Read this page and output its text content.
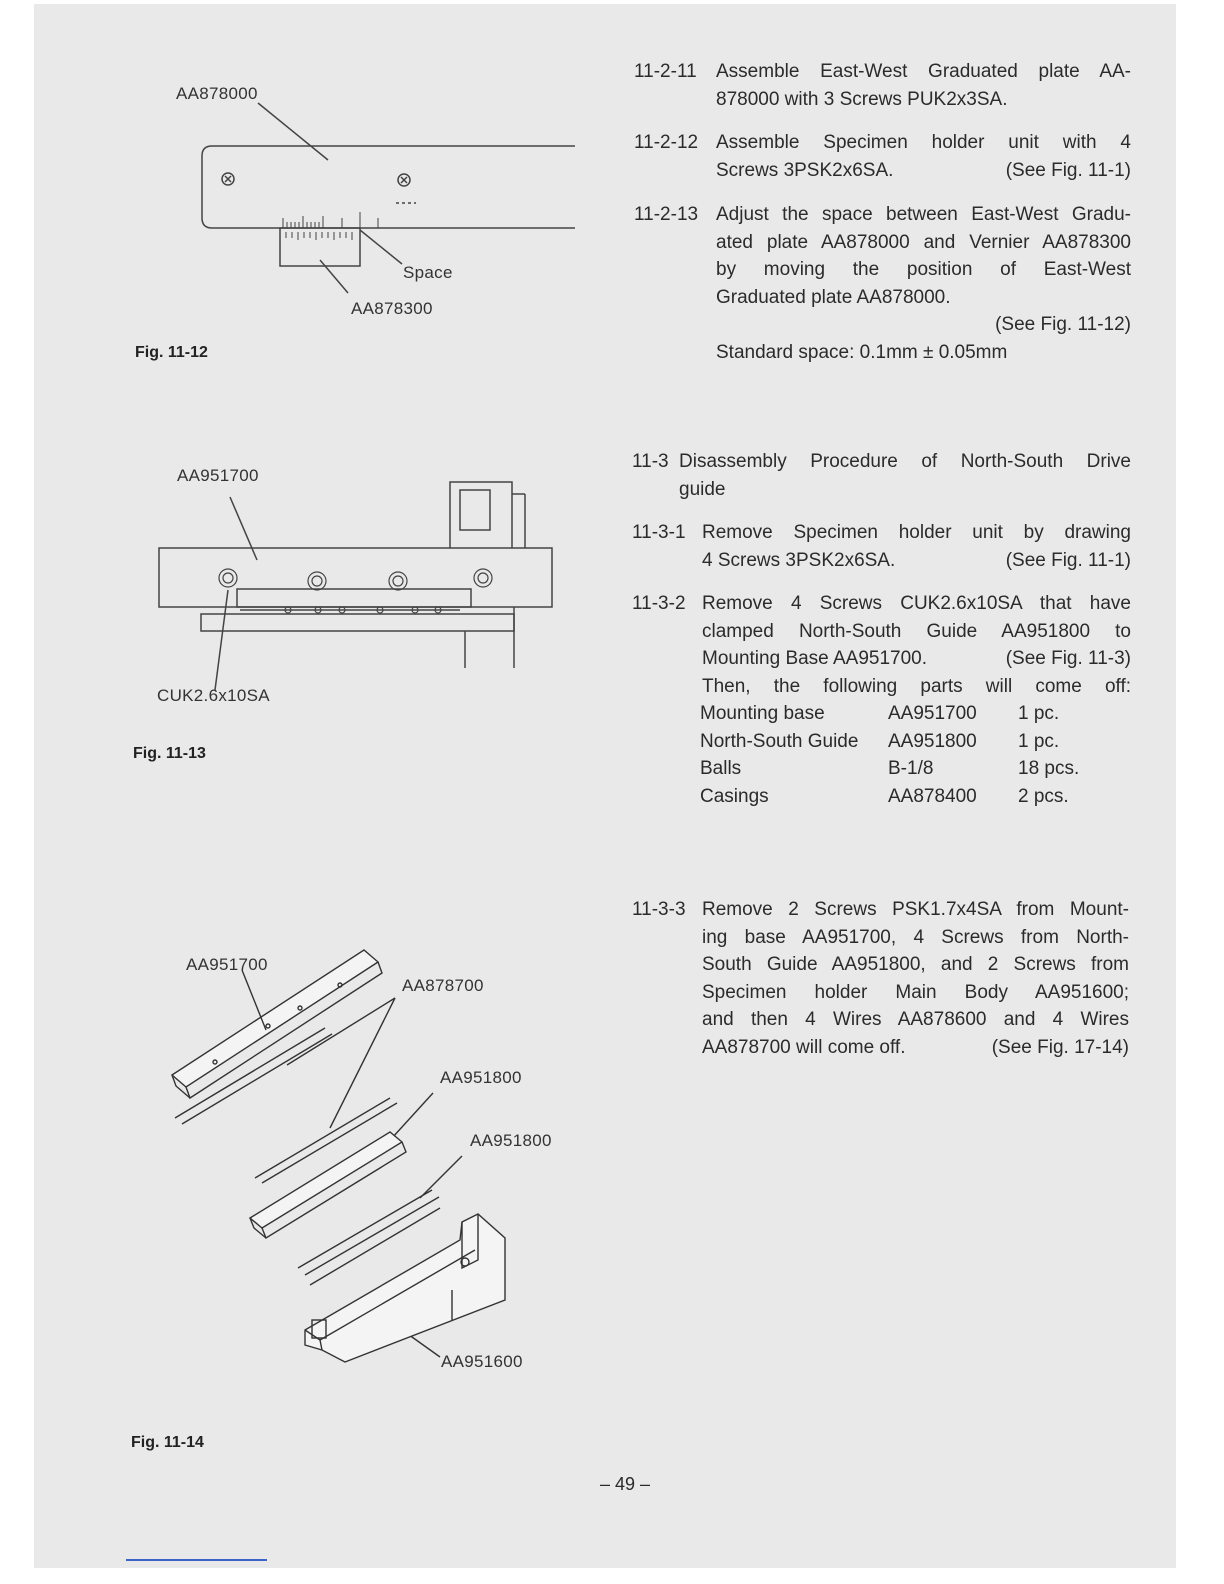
AA878000
Space
AA878300
Fig. 11-12
AA951700
CUK2.6x10SA
Fig. 11-13
AA951700
AA878700
AA951800
AA951800
AA951600
Fig. 11-14
11-2-11 Assemble East-West Graduated plate AA-
878000 with 3 Screws PUK2x3SA.
11-2-12 Assemble Specimen holder unit with 4
Screws 3PSK2x6SA.	(See Fig. 11-1)
11-2-13 Adjust the space between East-West Gradu-
ated plate AA878000 and Vernier AA878300
by moving the position of East-West
Graduated plate AA878000.
(See Fig. 11-12)
Standard space: 0.1mm ± 0.05mm
11-3 Disassembly Procedure of North-South Drive
guide
11-3-1 Remove Specimen holder unit by drawing
4 Screws 3PSK2x6SA.	(See Fig. 11-1)
11-3-2 Remove 4 Screws CUK2.6x10SA that have
clamped North-South Guide AA951800 to
Mounting Base AA951700.	(See Fig. 11-3)
Then, the following parts will come off:
Mounting base	AA951700	1 pc.
North-South Guide	AA951800	1 pc.
Balls	B-1/8	18 pcs.
Casings	AA878400	2 pcs.
11-3-3 Remove 2 Screws PSK1.7x4SA from Mount-
ing base AA951700, 4 Screws from North-
South Guide AA951800, and 2 Screws from
Specimen holder Main Body AA951600;
and then 4 Wires AA878600 and 4 Wires
AA878700 will come off.	(See Fig. 17-14)
– 49 –
